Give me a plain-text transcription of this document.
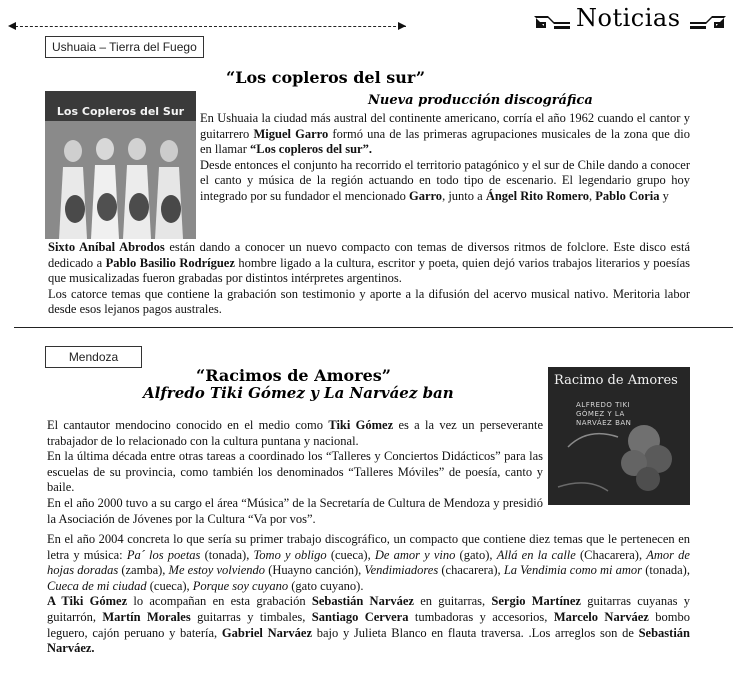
Noticias
Ushuaia – Tierra del Fuego
“Los copleros del sur”
Nueva producción discográfica
Los Copleros del Sur	En Ushuaia la ciudad más austral del continente americano, corría el año 1962 cuando el cantor y guitarrero Miguel Garro formó una de las primeras agrupaciones musicales de la zona que dio en llamar “Los copleros del sur”.

Desde entonces el conjunto ha recorrido el territorio patagónico y el sur de Chile dando a conocer el canto y música de la región actuando en todo tipo de escenario. El legendario grupo hoy integrado por su fundador el mencionado Garro, junto a Ángel Rito Romero, Pablo Coria y

Sixto Aníbal Abrodos están dando a conocer un nuevo compacto con temas de diversos ritmos de folclore. Este disco está dedicado a Pablo Basilio Rodríguez hombre ligado a la cultura, escritor y poeta, quien dejó varios trabajos literarios y poesías que musicalizadas fueron grabadas por distintos intérpretes argentinos.

Los catorce temas que contiene la grabación son testimonio y aporte a la difusión del acervo musical nativo. Meritoria labor desde esos lejanos pagos australes.

Mendoza
“Racimos de Amores”
Alfredo Tiki Gómez y La Narváez ban
Racimo de Amores
ALFREDO TIKI GÓMEZ Y LA NARVÁEZ BAN

El cantautor mendocino conocido en el medio como Tiki Gómez es a la vez un perseverante trabajador de lo relacionado con la cultura puntana y nacional.

En la última década entre otras tareas a coordinado los “Talleres y Conciertos Didácticos” para las escuelas de su provincia, como también los denominados “Talleres Móviles” de poesía, canto y baile.

En el año 2000 tuvo a su cargo el área “Música” de la Secretaría de Cultura de Mendoza y presidió la Asociación de Jóvenes por la Cultura “Va por vos”.

En el año 2004 concreta lo que sería su primer trabajo discográfico, un compacto que contiene diez temas que le pertenecen en letra y música: Pa´ los poetas (tonada), Tomo y obligo (cueca), De amor y vino (gato), Allá en la calle (Chacarera), Amor de hojas doradas (zamba), Me estoy volviendo (Huayno canción), Vendimiadores (chacarera), La Vendimia como mi amor (tonada), Cueca de mi ciudad (cueca), Porque soy cuyano (gato cuyano).

A Tiki Gómez lo acompañan en esta grabación Sebastián Narváez en guitarras, Sergio Martínez guitarras cuyanas y guitarrón, Martín Morales guitarras y timbales, Santiago Cervera tumbadoras y accesorios, Marcelo Narváez bombo leguero, cajón peruano y batería, Gabriel Narváez bajo y Julieta Blanco en flauta traversa. .Los arreglos son de Sebastián Narváez.
